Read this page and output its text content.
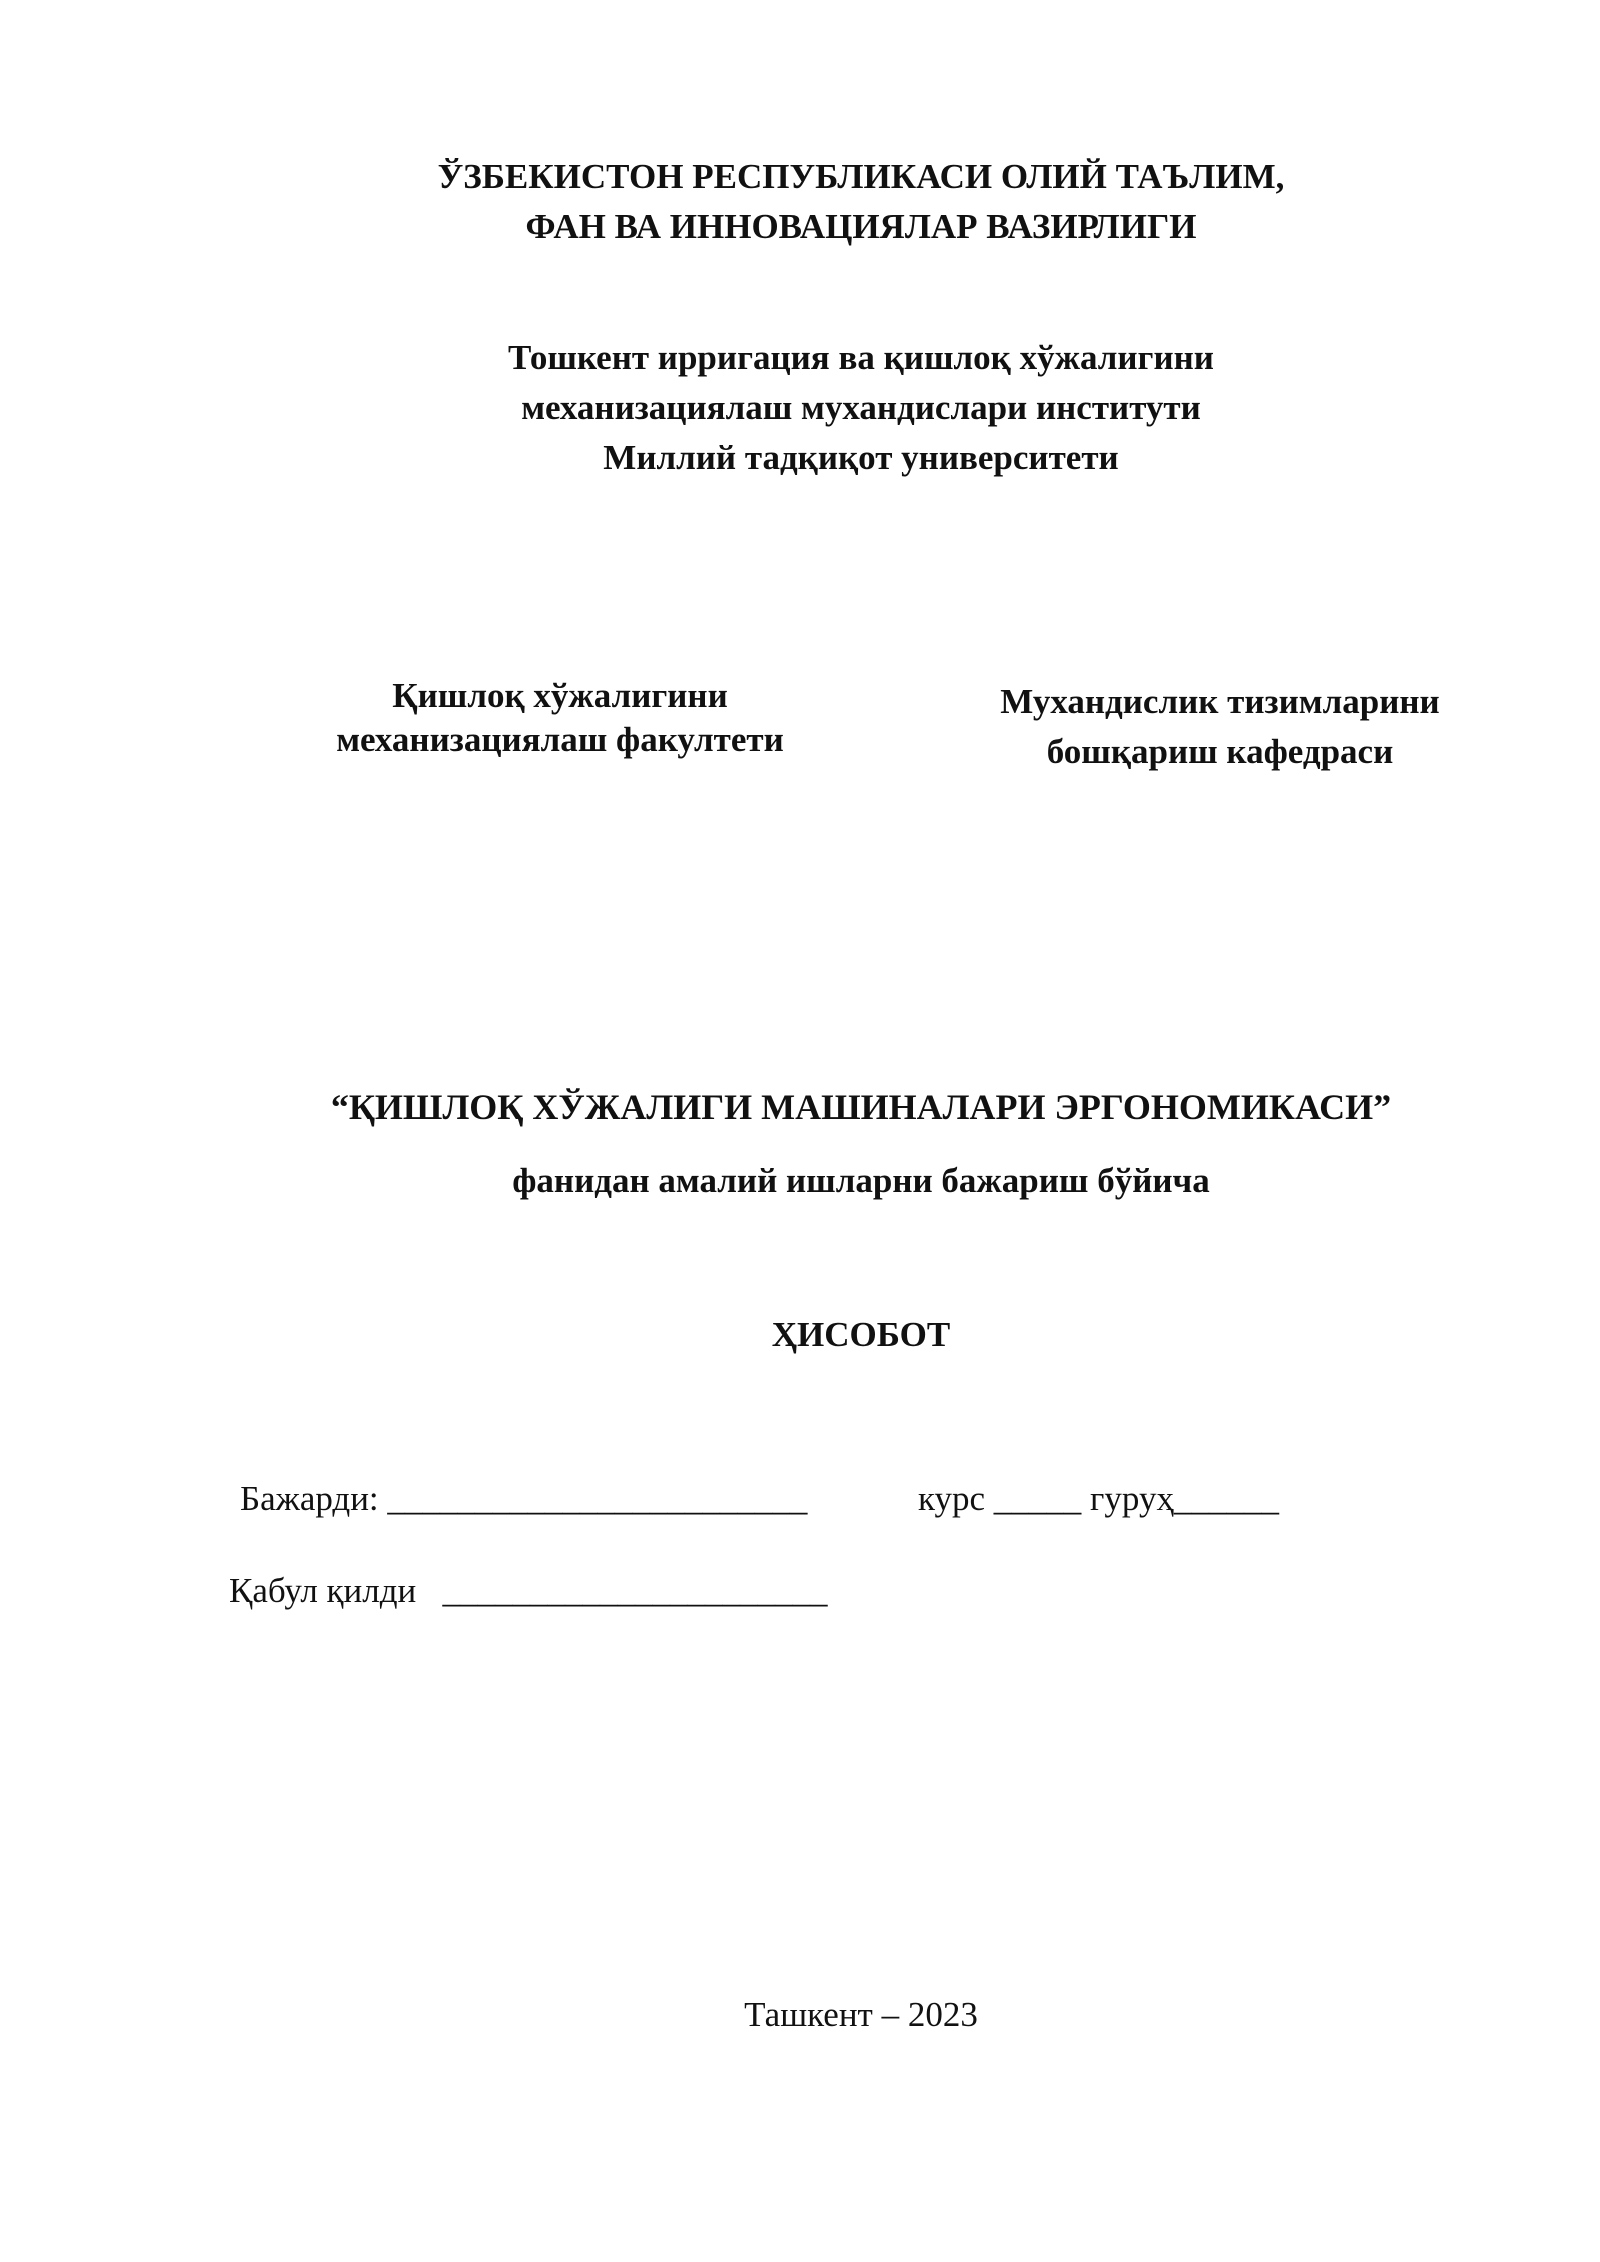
ЎЗБЕКИСТОН РЕСПУБЛИКАСИ ОЛИЙ ТАЪЛИМ,
ФАН ВА ИННОВАЦИЯЛАР ВАЗИРЛИГИ
Тошкент ирригация ва қишлоқ хўжалигини
механизациялаш мухандислари институти
Миллий тадқиқот университети
Қишлоқ хўжалигини
механизациялаш факултети
Мухандислик тизимларини
бошқариш кафедраси
“ҚИШЛОҚ ХЎЖАЛИГИ МАШИНАЛАРИ ЭРГОНОМИКАСИ”
фанидан амалий ишларни бажариш бўйича
ҲИСОБОТ
Бажарди: ________________________	курс _____ гуруҳ______
Қабул қилди   ______________________
Ташкент – 2023
